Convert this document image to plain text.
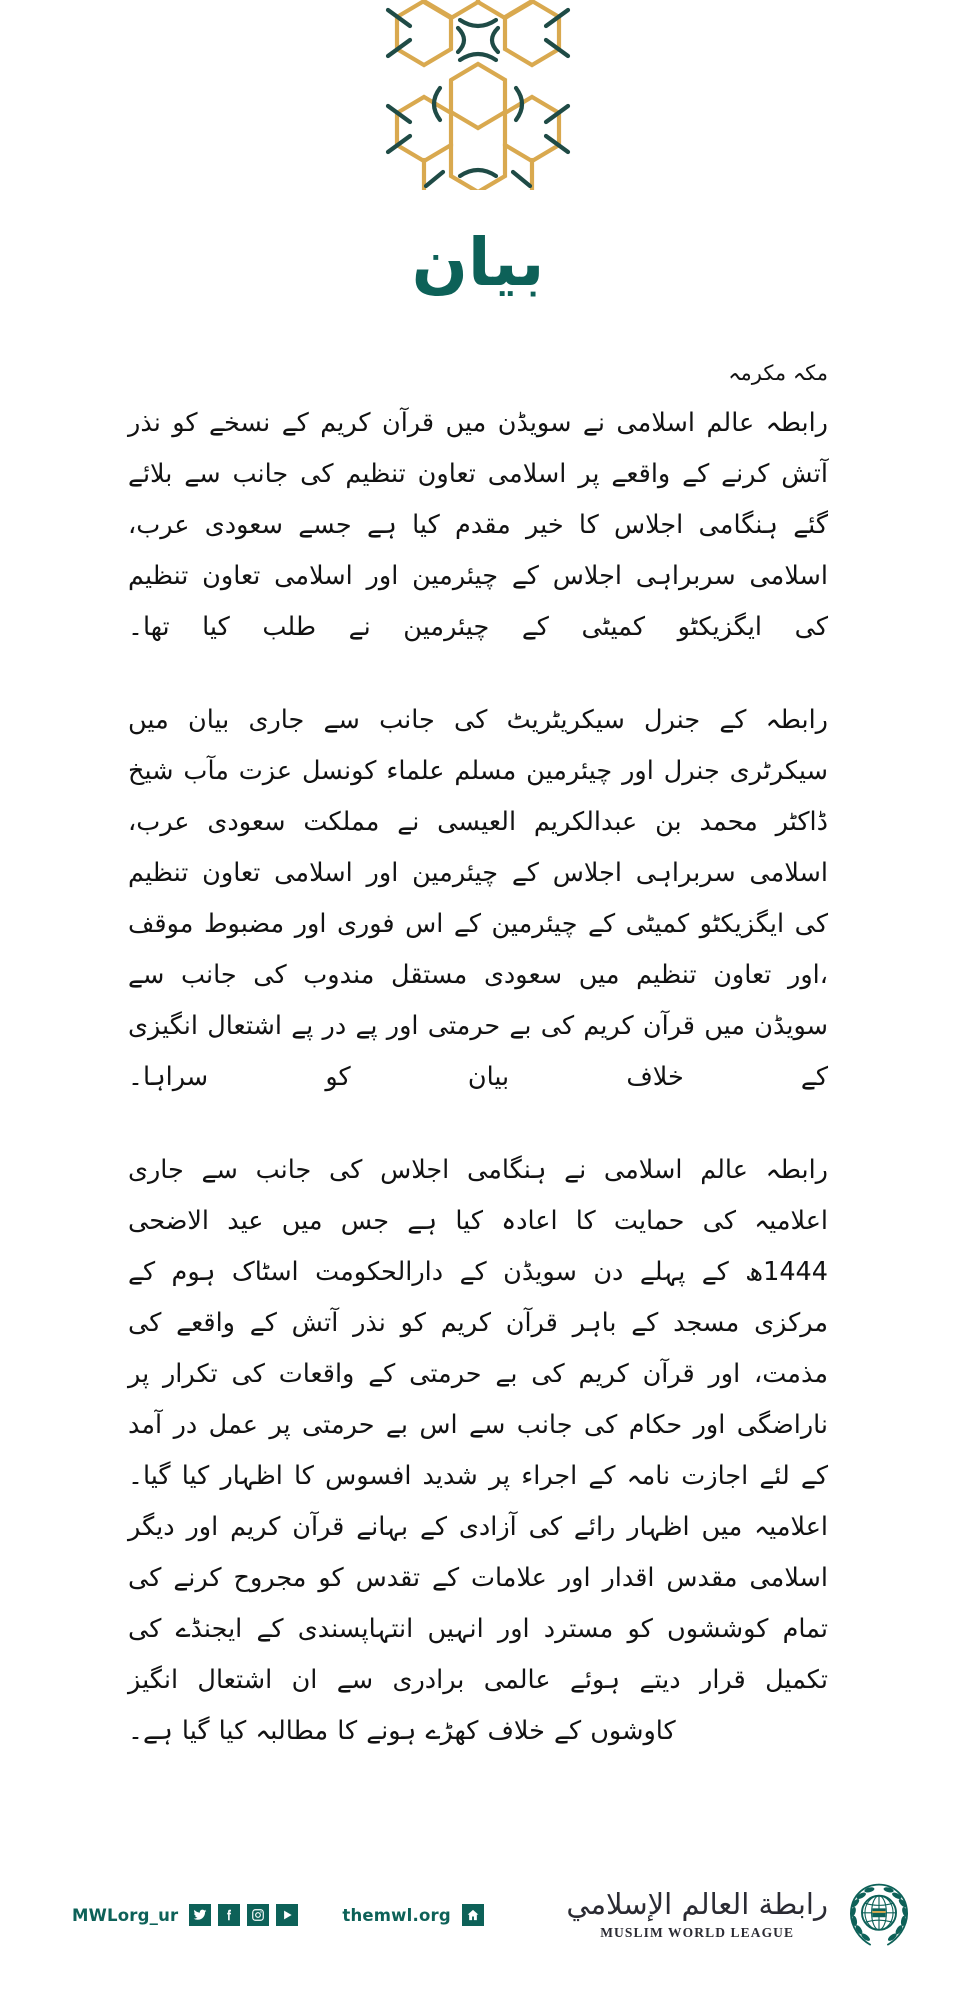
بيان
مكہ مکرمہ

رابطہ عالم اسلامی نے سویڈن میں قرآن کریم کے نسخے کو نذر آتش کرنے کے واقعے پر اسلامی تعاون تنظیم کی جانب سے بلائے گئے ہنگامی اجلاس کا خیر مقدم کیا ہے جسے سعودی عرب، اسلامی سربراہی اجلاس کے چیئرمین اور اسلامی تعاون تنظیم کی ایگزیکٹو کمیٹی کے چیئرمین نے طلب کیا تھا۔

رابطہ کے جنرل سیکریٹریٹ کی جانب سے جاری بیان میں سیکرٹری جنرل اور چیئرمین مسلم علماء کونسل عزت مآب شیخ ڈاکٹر محمد بن عبدالکریم العیسی نے مملکت سعودی عرب، اسلامی سربراہی اجلاس کے چیئرمین اور اسلامی تعاون تنظیم کی ایگزیکٹو کمیٹی کے چیئرمین کے اس فوری اور مضبوط موقف ،اور تعاون تنظیم میں سعودی مستقل مندوب کی جانب سے سویڈن میں قرآن کریم کی بے حرمتی اور پے در پے اشتعال انگیزی کے خلاف بیان کو سراہا۔

رابطہ عالم اسلامی نے ہنگامی اجلاس کی جانب سے جاری اعلامیہ کی حمایت کا اعادہ کیا ہے جس میں عید الاضحی 1444ھ کے پہلے دن سویڈن کے دارالحکومت اسٹاک ہوم کے مرکزی مسجد کے باہر قرآن کریم کو نذر آتش کے واقعے کی مذمت، اور قرآن کریم کی بے حرمتی کے واقعات کی تکرار پر ناراضگی اور حکام کی جانب سے اس بے حرمتی پر عمل در آمد کے لئے اجازت نامہ کے اجراء پر شدید افسوس کا اظہار کیا گیا۔اعلامیہ میں اظہار رائے کی آزادی کے بہانے قرآن کریم اور دیگر اسلامی مقدس اقدار اور علامات کے تقدس کو مجروح کرنے کی تمام کوششوں کو مسترد اور انہیں انتہاپسندی کے ایجنڈے کی تکمیل قرار دیتے ہوئے عالمی برادری سے ان اشتعال انگیز کاوشوں کے خلاف کھڑے ہونے کا مطالبہ کیا گیا ہے۔

MWLorg_ur	themwl.org	رابطة العالم الإسلامي
MUSLIM WORLD LEAGUE
